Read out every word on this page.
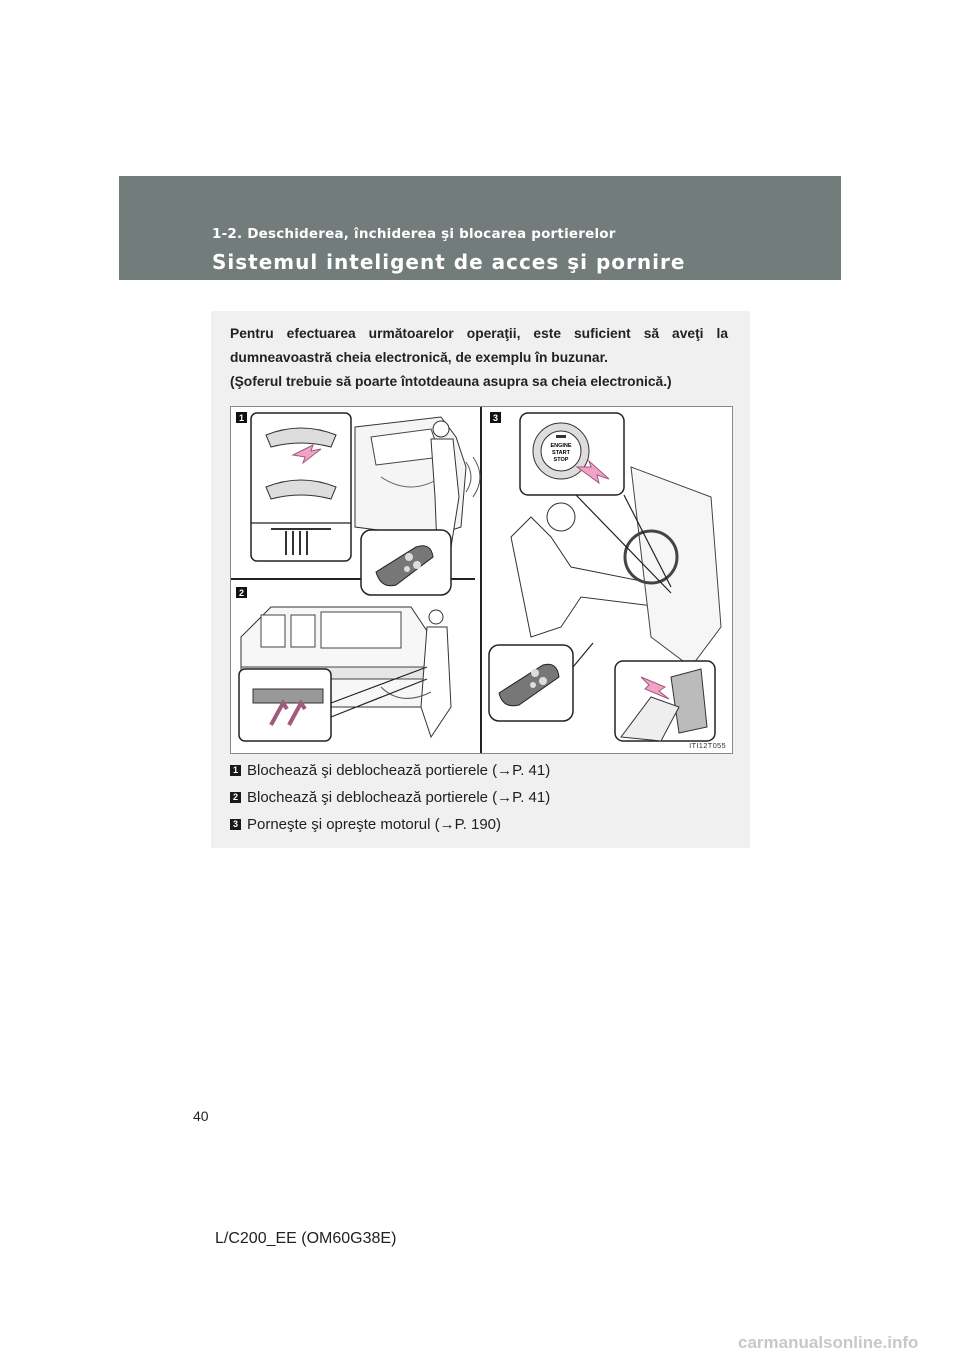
1-2. Deschiderea, închiderea şi blocarea portierelor
Sistemul inteligent de acces şi pornire

Pentru efectuarea următoarelor operaţii, este suficient să aveţi la

dumneavoastră cheia electronică, de exemplu în buzunar.

(Şoferul trebuie să poarte întotdeauna asupra sa cheia electronică.)

1
2
3
ENGINE
START
STOP
ITI12T055
1 Blochează şi deblochează portierele (→P. 41)
2 Blochează şi deblochează portierele (→P. 41)
3 Porneşte şi opreşte motorul (→P. 190)
40
L/C200_EE (OM60G38E)
carmanualsonline.info
